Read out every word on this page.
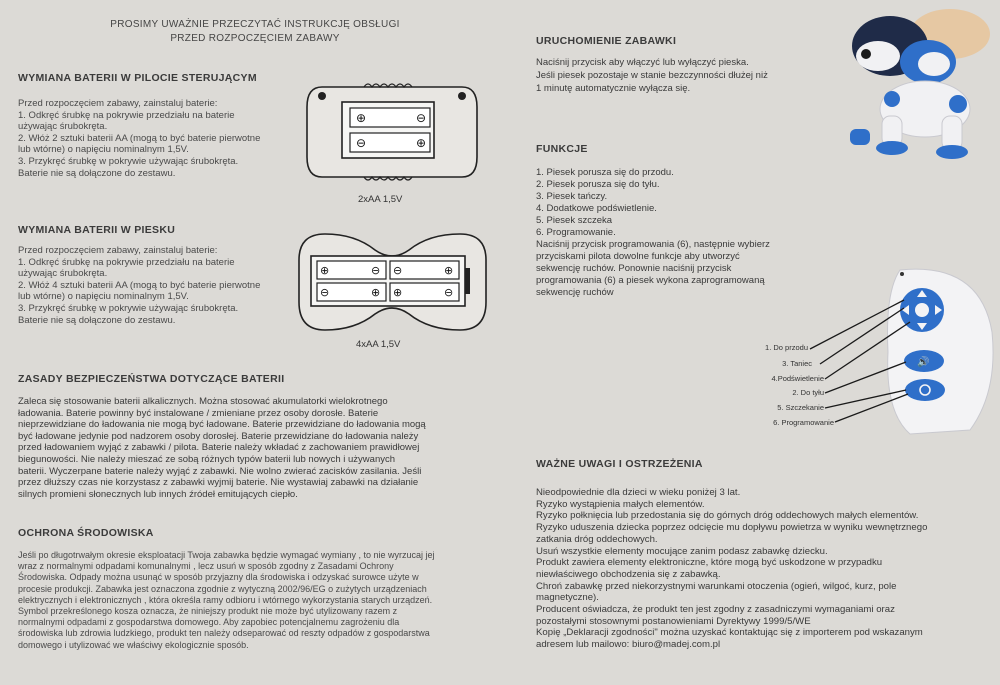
PROSIMY UWAŻNIE PRZECZYTAĆ INSTRUKCJĘ OBSŁUGI
PRZED ROZPOCZĘCIEM ZABAWY
WYMIANA BATERII W PILOCIE STERUJĄCYM

Przed rozpoczęciem zabawy, zainstaluj baterie:

1. Odkręć śrubkę na pokrywie przedziału na baterie

używając śrubokręta.

2. Włóż 2 sztuki baterii AA (mogą to być baterie pierwotne

lub wtórne) o napięciu nominalnym 1,5V.

3. Przykręć śrubkę w pokrywie używając śrubokręta.

Baterie nie są dołączone do zestawu.

⊕	⊖
⊖	⊕
2xAA 1,5V
WYMIANA BATERII W PIESKU

Przed rozpoczęciem zabawy, zainstaluj baterie:

1. Odkręć śrubkę na pokrywie przedziału na baterie

używając śrubokręta.

2. Włóż 4 sztuki baterii AA (mogą to być baterie pierwotne

lub wtórne) o napięciu nominalnym 1,5V.

3. Przykręć śrubkę w pokrywie używając śrubokręta.

Baterie nie są dołączone do zestawu.

⊕	⊖ ⊖	⊕
⊖	⊕ ⊕	⊖
4xAA 1,5V
ZASADY BEZPIECZEŃSTWA DOTYCZĄCE BATERII

Zaleca się stosowanie baterii alkalicznych. Można stosować akumulatorki wielokrotnego

ładowania. Baterie powinny być instalowane / zmieniane przez osoby dorosłe. Baterie

nieprzewidziane do ładowania nie mogą być ładowane. Baterie przewidziane do ładowania mogą

być ładowane jedynie pod nadzorem osoby dorosłej. Baterie przewidziane do ładowania należy

przed ładowaniem wyjąć z zabawki / pilota. Baterie należy wkładać z zachowaniem prawidłowej

biegunowości. Nie należy mieszać ze sobą różnych typów baterii lub nowych i używanych

baterii. Wyczerpane baterie należy wyjąć z zabawki. Nie wolno zwierać zacisków zasilania. Jeśli

przez dłuższy czas nie korzystasz z zabawki wyjmij baterie. Nie wystawiaj zabawki na działanie

silnych promieni słonecznych lub innych źródeł emitujących ciepło.

OCHRONA ŚRODOWISKA

Jeśli po długotrwałym okresie eksploatacji Twoja zabawka będzie wymagać wymiany , to nie wyrzucaj jej

wraz z normalnymi odpadami komunalnymi , lecz usuń w sposób zgodny z Zasadami Ochrony

Środowiska. Odpady można usunąć w sposób przyjazny dla środowiska i odzyskać surowce użyte w

procesie produkcji. Zabawka jest oznaczona zgodnie z wytyczną 2002/96/EG o zużytych urządzeniach

elektrycznych i elektronicznych , która określa ramy odbioru i wtórnego wykorzystania starych urządzeń.

Symbol przekreślonego kosza oznacza, że niniejszy produkt nie może być utylizowany razem z

normalnymi odpadami z gospodarstwa domowego. Aby zapobiec potencjalnemu zagrożeniu dla

środowiska lub zdrowia ludzkiego, produkt ten należy odseparować od reszty odpadów z gospodarstwa

domowego i utylizować we właściwy ekologicznie sposób.

URUCHOMIENIE ZABAWKI

Naciśnij przycisk aby włączyć lub wyłączyć pieska.

Jeśli piesek pozostaje w stanie bezczynności dłużej niż

1 minutę automatycznie wyłącza się.

FUNKCJE

1. Piesek porusza się do przodu.

2. Piesek porusza się do tyłu.

3. Piesek tańczy.

4. Dodatkowe podświetlenie.

5. Piesek szczeka

6. Programowanie.

Naciśnij przycisk programowania (6), następnie wybierz

przyciskami pilota dowolne funkcje aby utworzyć

sekwencję ruchów. Ponownie naciśnij przycisk

programowania (6) a piesek wykona zaprogramowaną

sekwencję ruchów

🔊
1. Do przodu
3. Taniec
4.Podświetlenie
2. Do tyłu
5. Szczekanie
6. Programowanie
WAŻNE UWAGI I OSTRZEŻENIA

Nieodpowiednie dla dzieci w wieku poniżej 3 lat.

Ryzyko wystąpienia małych elementów.

Ryzyko połknięcia lub przedostania się do górnych dróg oddechowych małych elementów.

Ryzyko uduszenia dziecka poprzez odcięcie mu dopływu powietrza w wyniku wewnętrznego

zatkania dróg oddechowych.

Usuń wszystkie elementy mocujące zanim podasz zabawkę dziecku.

Produkt zawiera elementy elektroniczne, które mogą być uskodzone w przypadku

niewłaściwego obchodzenia się z zabawką.

Chroń zabawkę przed niekorzystnymi warunkami otoczenia (ogień, wilgoć, kurz, pole

magnetyczne).

Producent oświadcza, że produkt ten jest zgodny z zasadniczymi wymaganiami oraz

pozostałymi stosownymi postanowieniami Dyrektywy 1999/5/WE

Kopię „Deklaracji zgodności" można uzyskać kontaktując się z importerem pod wskazanym

adresem lub mailowo: biuro@madej.com.pl
